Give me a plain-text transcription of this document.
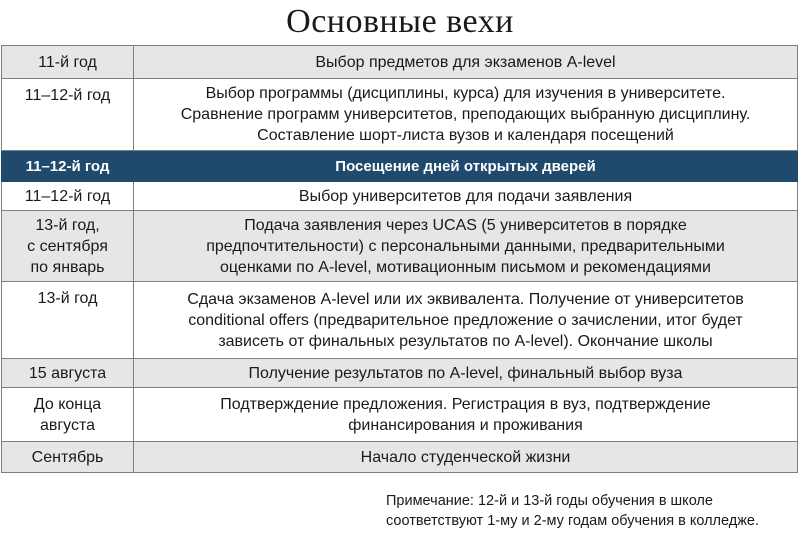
Основные вехи
11-й год	Выбор предметов для экзаменов A-level
11–12-й год	Выбор программы (дисциплины, курса) для изучения в университете.
Сравнение программ университетов, преподающих выбранную дисциплину.
Составление шорт-листа вузов и календаря посещений
11–12-й год	Посещение дней открытых дверей
11–12-й год	Выбор университетов для подачи заявления
13-й год,
с сентября
по январь	Подача заявления через UCAS (5 университетов в порядке
предпочтительности) с персональными данными, предварительными
оценками по A-level, мотивационным письмом и рекомендациями
13-й год	Сдача экзаменов A-level или их эквивалента. Получение от университетов
conditional offers (предварительное предложение о зачислении, итог будет
зависеть от финальных результатов по A-level). Окончание школы
15 августа	Получение результатов по A-level, финальный выбор вуза
До конца
августа	Подтверждение предложения. Регистрация в вуз, подтверждение
финансирования и проживания
Сентябрь	Начало студенческой жизни
Примечание: 12-й и 13-й годы обучения в школе
соответствуют 1-му и 2-му годам обучения в колледже.
